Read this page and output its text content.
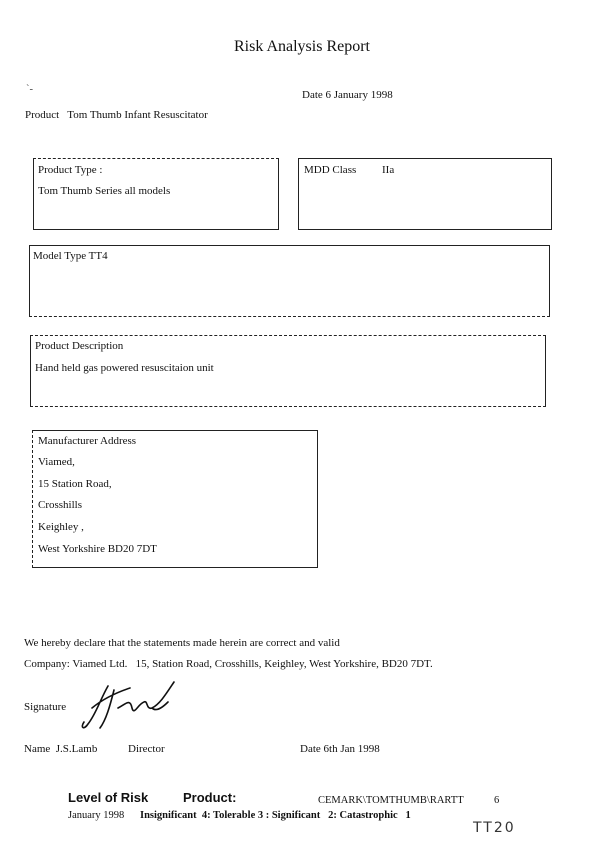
Risk Analysis Report
`-	Date 6 January 1998
Product   Tom Thumb Infant Resuscitator
Product Type :
Tom Thumb Series all models
MDD Class IIa
Model Type TT4
Product Description
Hand held gas powered resuscitaion unit
Manufacturer Address
Viamed,
15 Station Road,
Crosshills
Keighley ,
West Yorkshire BD20 7DT
We hereby declare that the statements made herein are correct and valid
Company: Viamed Ltd.   15, Station Road, Crosshills, Keighley, West Yorkshire, BD20 7DT.
Signature
Name  J.S.Lamb	Director	Date 6th Jan 1998
Level of Risk	Product:	CEMARK\TOMTHUMB\RARTT	6
January 1998 Insignificant  4: Tolerable 3 : Significant   2: Catastrophic   1
TT20
